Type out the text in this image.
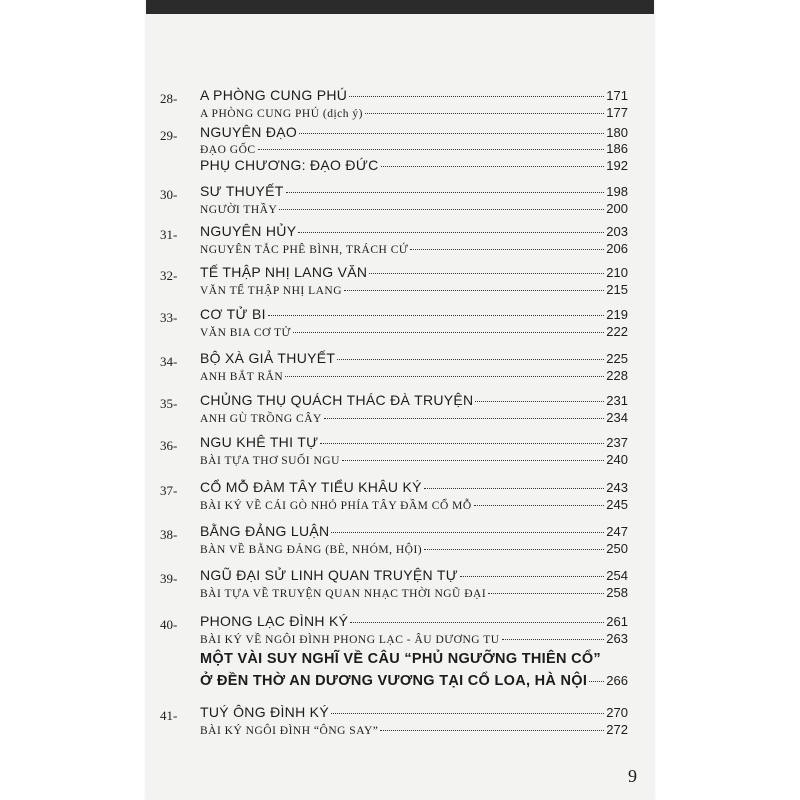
28-	A PHÒNG CUNG PHÚ	171
A PHÒNG CUNG PHÚ (dịch ý)	177
29-	NGUYÊN ĐẠO	180
ĐẠO GỐC	186
PHỤ CHƯƠNG: ĐẠO ĐỨC	192
30-	SƯ THUYẾT	198
NGƯỜI THẦY	200
31-	NGUYÊN HỦY	203
NGUYÊN TẮC PHÊ BÌNH, TRÁCH CỨ	206
32-	TẾ THẬP NHỊ LANG VĂN	210
VĂN TẾ THẬP NHỊ LANG	215
33-	CƠ TỬ BI	219
VĂN BIA CƠ TỬ	222
34-	BỘ XÀ GIẢ THUYẾT	225
ANH BẮT RẮN	228
35-	CHỦNG THỤ QUÁCH THÁC ĐÀ TRUYỆN	231
ANH GÙ TRỒNG CÂY	234
36-	NGU KHÊ THI TỰ	237
BÀI TỰA THƠ SUỐI NGU	240
37-	CỔ MỖ ĐÀM TÂY TIỂU KHÂU KÝ	243
BÀI KÝ VỀ CÁI GÒ NHỎ PHÍA TÂY ĐẦM CỔ MỖ	245
38-	BẰNG ĐẢNG LUẬN	247
BÀN VỀ BẰNG ĐẢNG (BÈ, NHÓM, HỘI)	250
39-	NGŨ ĐẠI SỬ LINH QUAN TRUYỆN TỰ	254
BÀI TỰA VỀ TRUYỆN QUAN NHẠC THỜI NGŨ ĐẠI	258
40-	PHONG LẠC ĐÌNH KÝ	261
BÀI KÝ VỀ NGÔI ĐÌNH PHONG LẠC - ÂU DƯƠNG TU	263
MỘT VÀI SUY NGHĨ VỀ CÂU “PHỦ NGƯỠNG THIÊN CỔ”
Ở ĐỀN THỜ AN DƯƠNG VƯƠNG TẠI CỔ LOA, HÀ NỘI 266
41-	TUÝ ÔNG ĐÌNH KÝ	270
BÀI KÝ NGÔI ĐÌNH “ÔNG SAY”	272
9
